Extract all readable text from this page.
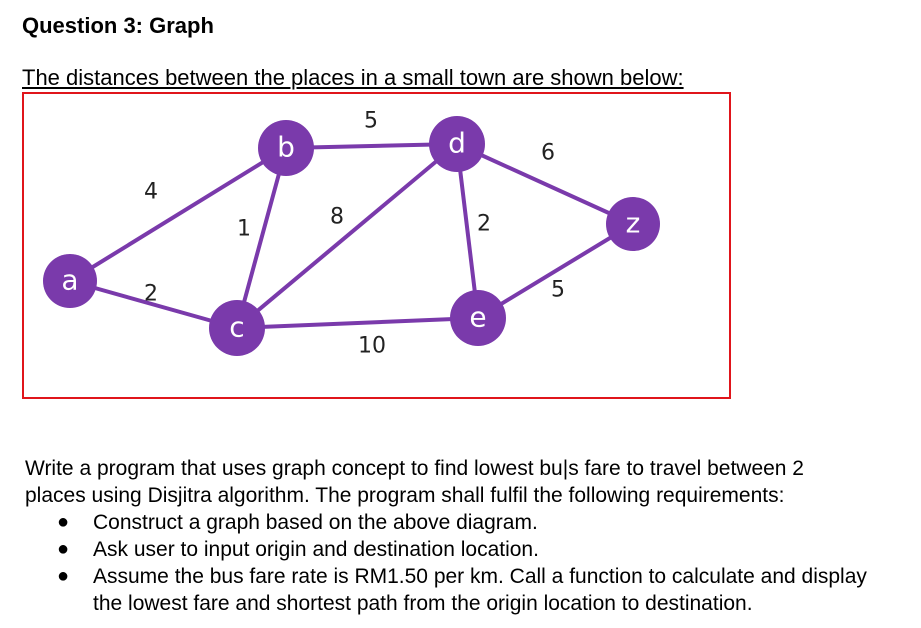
Question 3: Graph
The distances between the places in a small town are shown below:
4
2
1
5
8
10
2
6
5
a
b
c
d
e
z

Write a program that uses graph concept to find lowest bu|s fare to travel between 2

places using Disjitra algorithm. The program shall fulfil the following requirements:

● Construct a graph based on the above diagram.
● Ask user to input origin and destination location.
● Assume the bus fare rate is RM1.50 per km. Call a function to calculate and display the lowest fare and shortest path from the origin location to destination.
